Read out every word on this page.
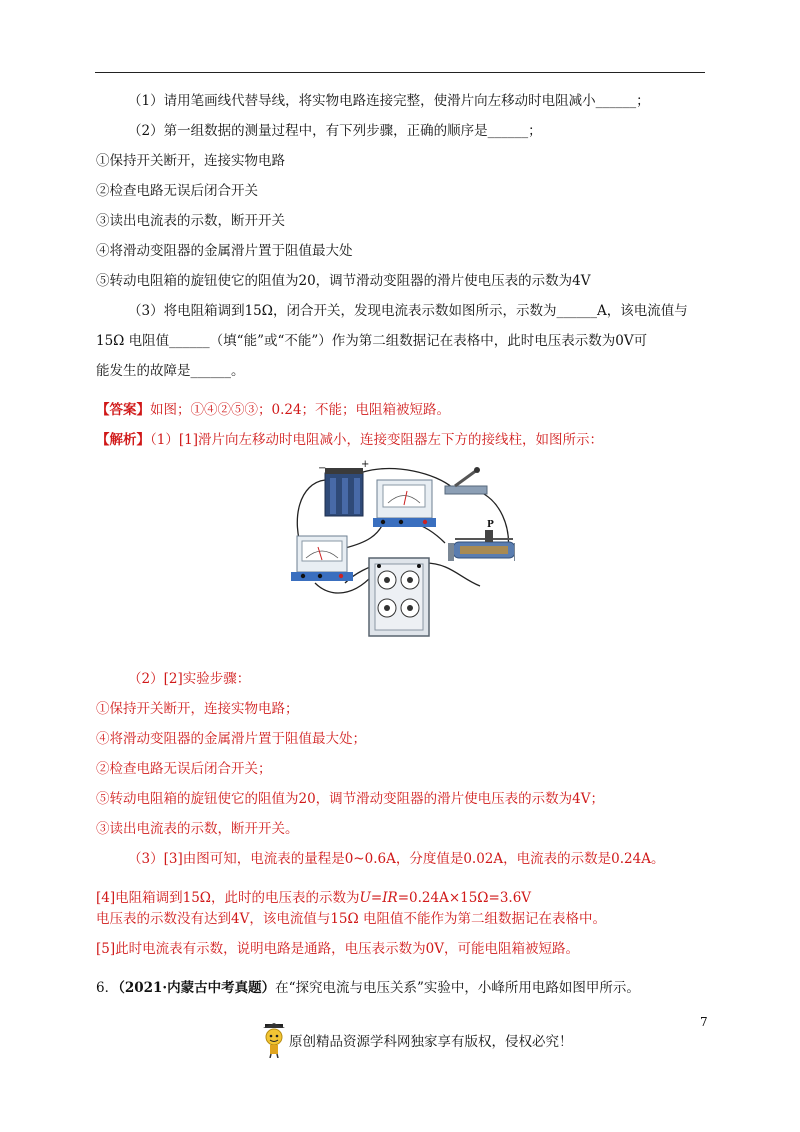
（1）请用笔画线代替导线，将实物电路连接完整，使滑片向左移动时电阻减小______；
（2）第一组数据的测量过程中，有下列步骤，正确的顺序是______；
①保持开关断开，连接实物电路
②检查电路无误后闭合开关
③读出电流表的示数，断开开关
④将滑动变阻器的金属滑片置于阻值最大处
⑤转动电阻箱的旋钮使它的阻值为20，调节滑动变阻器的滑片使电压表的示数为4V
（3）将电阻箱调到15Ω，闭合开关，发现电流表示数如图所示，示数为______A，该电流值与
15Ω 电阻值______（填“能”或“不能”）作为第二组数据记在表格中，此时电压表示数为0V可
能发生的故障是______。
【答案】如图；①④②⑤③；0.24；不能；电阻箱被短路。
【解析】（1）[1]滑片向左移动时电阻减小，连接变阻器左下方的接线柱，如图所示：
−	+
P
（2）[2]实验步骤：
①保持开关断开，连接实物电路；
④将滑动变阻器的金属滑片置于阻值最大处；
②检查电路无误后闭合开关；
⑤转动电阻箱的旋钮使它的阻值为20，调节滑动变阻器的滑片使电压表的示数为4V；
③读出电流表的示数，断开开关。
（3）[3]由图可知，电流表的量程是0~0.6A，分度值是0.02A，电流表的示数是0.24A。
[4]电阻箱调到15Ω，此时的电压表的示数为U=IR=0.24A×15Ω=3.6V
电压表的示数没有达到4V，该电流值与15Ω 电阻值不能作为第二组数据记在表格中。
[5]此时电流表有示数，说明电路是通路，电压表示数为0V，可能电阻箱被短路。
6．（2021·内蒙古中考真题）在“探究电流与电压关系”实验中，小峰所用电路如图甲所示。
7
原创精品资源学科网独家享有版权，侵权必究！
